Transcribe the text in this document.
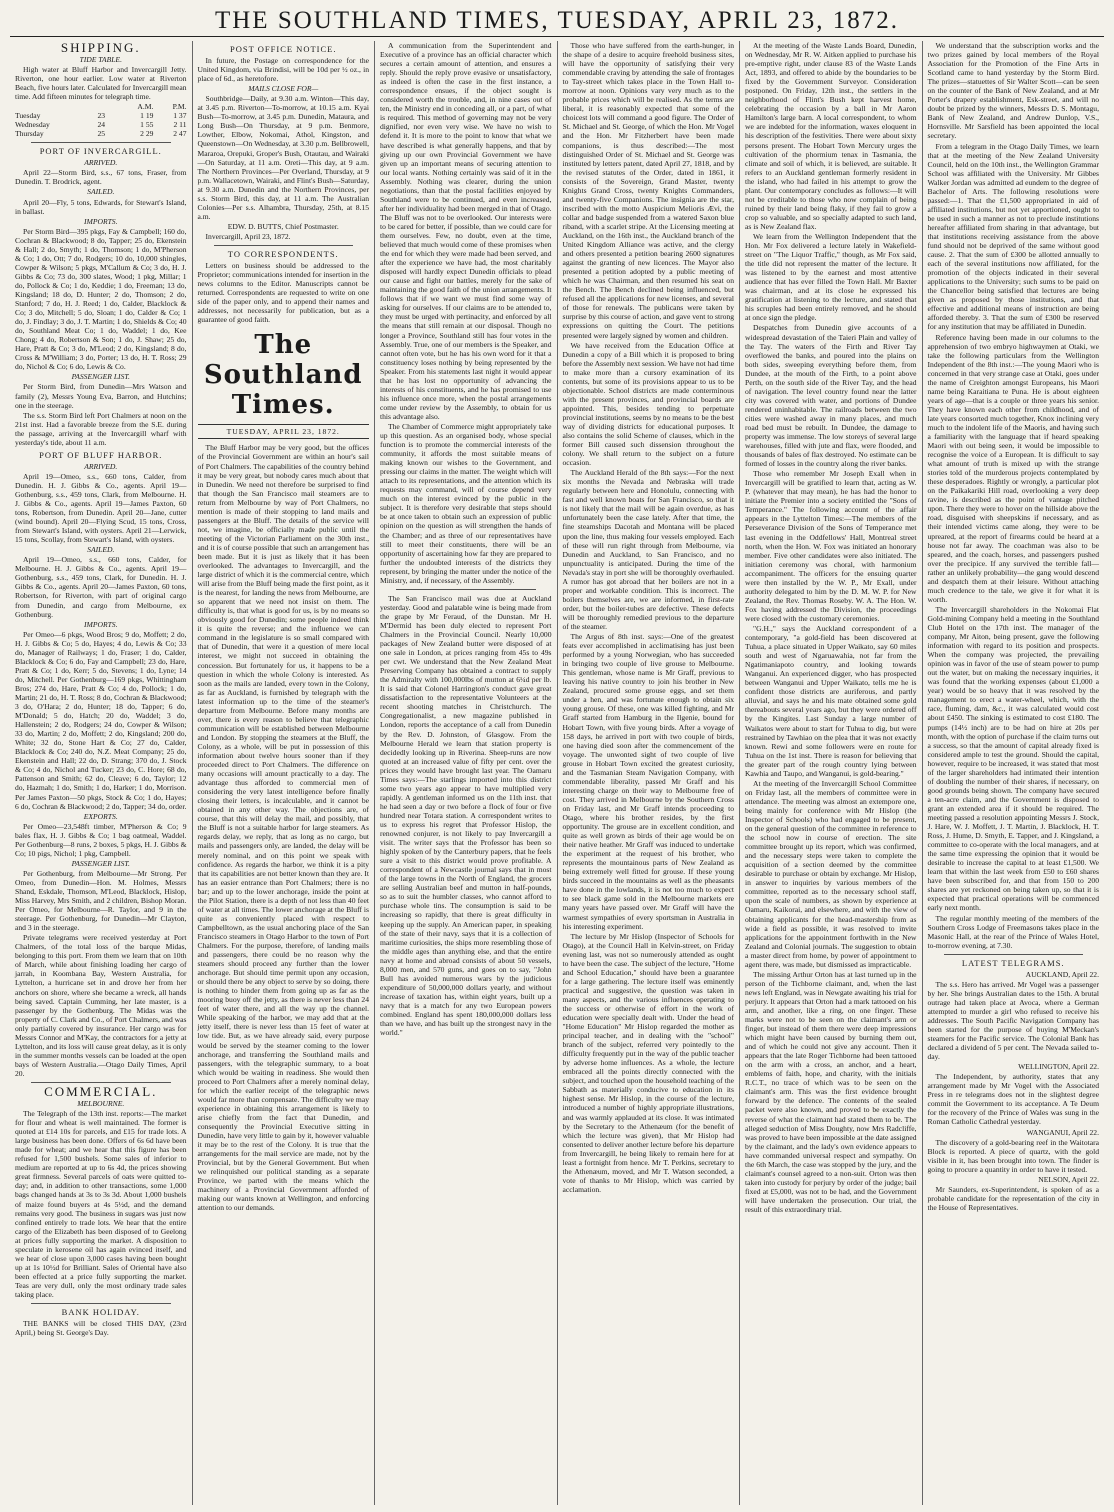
THE SOUTHLAND TIMES, TUESDAY, APRIL 23, 1872.
SHIPPING.
TIDE TABLE.

High water at Bluff Harbor and Invercargill Jetty. Riverton, one hour earlier. Low water at Riverton Beach, five hours later. Calculated for Invercargill mean time. Add fifteen minutes for telegraph time.

		A.M.	P.M.
Tuesday	23	1 19	1 37
Wednesday	24	1 55	2 11
Thursday	25	2 29	2 47
PORT OF INVERCARGILL.
ARRIVED.

April 22—Storm Bird, s.s., 67 tons, Fraser, from Dunedin. T. Brodrick, agent.

SAILED.

April 20—Fly, 5 tons, Edwards, for Stewart's Island, in ballast.

IMPORTS.

Per Storm Bird—395 pkgs, Fay & Campbell; 160 do, Cochran & Blackwood; 8 do, Tapper; 25 do, Ekenstein & Hall; 2 do, Smyth; 1 do, Thomson; 1 do, M'Pherson & Co; 1 do, Ott; 7 do, Rodgers; 10 do, 10,000 shingles, Cowper & Wilson; 5 pkgs, M'Callum & Co; 3 do, H. J. Gibbs & Co; 73 do, 300 slates, Wood; 1 pkg, Millar; 1 do, Pollock & Co; 1 do, Keddie; 1 do, Freeman; 13 do, Kingsland; 18 do, D. Hunter; 2 do, Thomson; 2 do, Stanford; 7 do, H. J. Reed; 1 do, Calder, Blacklock & Co; 3 do, Mitchell; 5 do, Sloan; 1 do, Calder & Co; 1 do, J. Findlay; 3 do, J. T. Martin; 1 do, Shields & Co; 40 do, Southland Meat Co; 1 do, Waddel; 1 do, Kee Chong; 4 do, Robertson & Son; 1 do, J. Shaw; 25 do, Hare, Pratt & Co; 3 do, M'Leod; 2 do, Kingsland; 8 do, Cross & M'William; 3 do, Porter; 13 do, H. T. Ross; 29 do, Nichol & Co; 6 do, Lewis & Co.

PASSENGER LIST.

Per Storm Bird, from Dunedin—Mrs Watson and family (2), Messrs Young Eva, Barron, and Hutchins; one in the steerage.

The s.s. Storm Bird left Port Chalmers at noon on the 21st inst. Had a favorable breeze from the S.E. during the passage, arriving at the Invercargill wharf with yesterday's tide, about 11 a.m.

PORT OF BLUFF HARBOR.
ARRIVED.

April 19—Omeo, s.s., 660 tons, Calder, from Dunedin. H. J. Gibbs & Co., agents. April 19—Gothenburg, s.s., 459 tons, Clark, from Melbourne. H. J. Gibbs & Co., agents. April 19—James Paxton, 60 tons, Robertson, from Dunedin. April 20—Jane, cutter (wind bound). April 20—Flying Scud, 15 tons, Cross, from Stewart's Island, with oysters. April 21—Lerwick, 15 tons, Scollay, from Stewart's Island, with oysters.

SAILED.

April 19—Omeo, s.s., 660 tons, Calder, for Melbourne. H. J. Gibbs & Co., agents. April 19—Gothenburg, s.s., 459 tons, Clark, for Dunedin. H. J. Gibbs & Co., agents. April 20—James Paxton, 60 tons, Robertson, for Riverton, with part of original cargo from Dunedin, and cargo from Melbourne, ex Gothenburg.

IMPORTS.

Per Omeo—6 pkgs, Wood Bros; 9 do, Moffett; 2 do, H. J. Gibbs & Co; 5 do, Hayes; 4 do, Lewis & Co; 33 do, Manager of Railways; 1 do, Fraser; 1 do, Calder, Blacklock & Co; 6 do, Fay and Campbell; 23 do, Hare, Pratt & Co; 1 do, Kerr; 5 do, Stevens; 1 do, Lyne; 14 do, Mitchell. Per Gothenburg—169 pkgs, Whittingham Bros; 274 do, Hare, Pratt & Co; 4 do, Pollock; 1 do, Martin; 21 do, H. T. Ross; 8 do, Cochran & Blackwood; 3 do, O'Hara; 2 do, Hunter; 18 do, Tapper; 6 do, M'Donald; 5 do, Hatch; 20 do, Waddel; 3 do, Hallenstein; 2 do, Rodgers; 24 do, Cowper & Wilson; 33 do, Martin; 2 do, Moffett; 2 do, Kingsland; 200 do, White; 32 do, Stone Hart & Co; 27 do, Calder, Blacklock & Co; 240 do, N.Z. Meat Company; 25 do, Ekenstein and Hall; 22 do, D. Strang; 370 do, J. Stock & Co; 4 do, Nichol and Tucker; 23 do, C. Hore; 68 do, Pattenson and Smith; 62 do, Cleave; 6 do, Taylor; 12 do, Hazmah; 1 do, Smith; 1 do, Harker; 1 do, Morrison. Per James Paxton—50 pkgs, Stock & Co; 1 do, Hayes; 6 do, Cochran & Blackwood; 2 do, Tapper; 34 do, order.

EXPORTS.

Per Omeo—23,548ft timber, M'Pherson & Co; 9 bales flax, H. J. Gibbs & Co; 1 bag oatmeal, Waddel. Per Gothenburg—8 runs, 2 boxes, 5 pkgs, H. J. Gibbs & Co; 10 pigs, Nichol; 1 pkg, Campbell.

PASSENGER LIST.

Per Gothenburg, from Melbourne—Mr Strong. Per Omeo, from Dunedin—Hon. M. Holmes, Messrs Shand, Eskdale, Thomson, M'Leod, Blacklock, Hislop, Miss Harvey, Mrs Smith, and 2 children, Bishop Moran. Per Omeo, for Melbourne—R. Taylor, and 9 in the steerage. Per Gothenburg, for Dunedin—Mr Clayton, and 3 in the steerage.

Private telegrams were received yesterday at Port Chalmers, of the total loss of the barque Midas, belonging to this port. From them we learn that on 10th of March, while about finishing loading her cargo of jarrah, in Koombana Bay, Western Australia, for Lyttelton, a hurricane set in and drove her from her anchors on shore, where she became a wreck, all hands being saved. Captain Cumming, her late master, is a passenger by the Gothenburg. The Midas was the property of C. Clark and Co., of Port Chalmers, and was only partially covered by insurance. Her cargo was for Messrs Connor and M'Kay, the contractors for a jetty at Lyttelton, and its loss will cause great delay, as it is only in the summer months vessels can be loaded at the open bays of Western Australia.—Otago Daily Times, April 20.

COMMERCIAL.
MELBOURNE.

The Telegraph of the 13th inst. reports:—The market for flour and wheat is well maintained. The former is quoted at £14 10s for parcels, and £15 for trade lots. A large business has been done. Offers of 6s 6d have been made for wheat; and we hear that this figure has been refused for 1,500 bushels. Some sales of inferior to medium are reported at up to 6s 4d, the prices showing great firmness. Several parcels of oats were quitted to-day; and, in addition to other transactions, some 1,000 bags changed hands at 3s to 3s 3d. About 1,000 bushels of maize found buyers at 4s 5½d, and the demand remains very good. The business in sugars was just now confined entirely to trade lots. We hear that the entire cargo of the Elizabeth has been disposed of to Geelong at prices fully supporting the market. A disposition to speculate in kerosene oil has again evinced itself, and we hear of close upon 3,000 cases having been bought up at 1s 10½d for Brilliant. Sales of Oriental have also been effected at a price fully supporting the market. Teas are very dull, only the most ordinary trade sales taking place.

BANK HOLIDAY.

THE BANKS will be closed THIS DAY, (23rd April,) being St. George's Day.

POST OFFICE NOTICE.

In future, the Postage on correspondence for the United Kingdom, via Brindisi, will be 10d per ½ oz., in place of 6d., as heretofore.

MAILS CLOSE FOR—

Southbridge—Daily, at 9.30 a.m. Winton—This day, at 3.45 p.m. Riverton—To-morrow, at 10.15 a.m. Kyai Bush—To-morrow, at 3.45 p.m. Dunedin, Mataura, and Long Bush—On Thursday, at 9 p.m. Benmore, Lowther, Elbow, Nokomai, Athol, Kingston, and Queenstown—On Wednesday, at 3.30 p.m. Bellbrowell, Mararoa, Orepuki, Groper's Bush, Otautau, and Wairaki—On Saturday, at 11 a.m. Oreti—This day, at 9 a.m. The Northern Provinces—Per Overland, Thursday, at 9 p.m. Wallacetown, Wairaki, and Flint's Bush—Saturday, at 9.30 a.m. Dunedin and the Northern Provinces, per s.s. Storm Bird, this day, at 11 a.m. The Australian Colonies—Per s.s. Alhambra, Thursday, 25th, at 8.15 a.m.

EDW. D. BUTTS, Chief Postmaster.

Invercargill, April 23, 1872.

TO CORRESPONDENTS.

Letters on business should be addressed to the Proprietor; communications intended for insertion in the news columns to the Editor. Manuscripts cannot be returned. Correspondents are requested to write on one side of the paper only, and to append their names and addresses, not necessarily for publication, but as a guarantee of good faith.

The Southland Times.
TUESDAY, APRIL 23, 1872.

The Bluff Harbor may be very good, but the offices of the Provincial Government are within an hour's sail of Port Chalmers. The capabilities of the country behind it may be very great, but nobody cares much about that in Dunedin. We need not therefore be surprised to find that though the San Francisco mail steamers are to return from Melbourne by way of Port Chalmers, no mention is made of their stopping to land mails and passengers at the Bluff. The details of the service will not, we imagine, be officially made public until the meeting of the Victorian Parliament on the 30th inst., and it is of course possible that such an arrangement has been made. But it is just as likely that it has been overlooked. The advantages to Invercargill, and the large district of which it is the commercial centre, which will arise from the Bluff being made the first point, as it is the nearest, for landing the news from Melbourne, are so apparent that we need not insist on them. The difficulty is, that what is good for us, is by no means so obviously good for Dunedin; some people indeed think it is quite the reverse; and the influence we can command in the legislature is so small compared with that of Dunedin, that were it a question of mere local interest, we might not succeed in obtaining the concession. But fortunately for us, it happens to be a question in which the whole Colony is interested. As soon as the mails are landed, every town in the Colony, as far as Auckland, is furnished by telegraph with the latest information up to the time of the steamer's departure from Melbourne. Before many months are over, there is every reason to believe that telegraphic communication will be established between Melbourne and London. By stopping the steamers at the Bluff, the Colony, as a whole, will be put in possession of this information about twelve hours sooner than if they proceeded direct to Port Chalmers. The difference on many occasions will amount practically to a day. The advantage thus afforded to commercial men of considering the very latest intelligence before finally closing their letters, is incalculable, and it cannot be obtained in any other way. The objections are, of course, that this will delay the mail, and possibly, that the Bluff is not a suitable harbor for large steamers. As regards delay, we reply, that as long as no cargo, but mails and passengers only, are landed, the delay will be merely nominal, and on this point we speak with confidence. As regards the harbor, we think it is a pity that its capabilities are not better known than they are. It has an easier entrance than Port Chalmers; there is no bar; and up to the lower anchorage, inside the point at the Pilot Station, there is a depth of not less than 40 feet of water at all times. The lower anchorage at the Bluff is quite as conveniently placed with respect to Campbelltown, as the usual anchoring place of the San Francisco steamers in Otago Harbor to the town of Port Chalmers. For the purpose, therefore, of landing mails and passengers, there could be no reason why the steamers should proceed any further than the lower anchorage. But should time permit upon any occasion, or should there be any object to serve by so doing, there is nothing to hinder them from going up as far as the mooring buoy off the jetty, as there is never less than 24 feet of water there, and all the way up the channel. While speaking of the harbor, we may add that at the jetty itself, there is never less than 15 feet of water at low tide. But, as we have already said, every purpose would be served by the steamer coming to the lower anchorage, and transferring the Southland mails and passengers, with the telegraphic summary, to a boat which would be waiting in readiness. She would then proceed to Port Chalmers after a merely nominal delay, for which the earlier receipt of the telegraphic news would far more than compensate. The difficulty we may experience in obtaining this arrangement is likely to arise chiefly from the fact that Dunedin, and consequently the Provincial Executive sitting in Dunedin, have very little to gain by it, however valuable it may be to the rest of the Colony. It is true that the arrangements for the mail service are made, not by the Provincial, but by the General Government. But when we relinquished our political standing as a separate Province, we parted with the means which the machinery of a Provincial Government afforded of making our wants known at Wellington, and enforcing attention to our demands.

A communication from the Superintendent and Executive of a province has an official character which secures a certain amount of attention, and ensures a reply. Should the reply prove evasive or unsatisfactory, as indeed is often the case in the first instance, a correspondence ensues, if the object sought is considered worth the trouble, and, in nine cases out of ten, the Ministry end in conceding all, or a part, of what is required. This method of governing may not be very dignified, nor even very wise. We have no wish to defend it. It is more to the point to know that what we have described is what generally happens, and that by giving up our own Provincial Government we have given up an important means of securing attention to our local wants. Nothing certainly was said of it in the Assembly. Nothing was clearer, during the union negotiations, than that the postal facilities enjoyed by Southland were to be continued, and even increased, after her individuality had been merged in that of Otago. The Bluff was not to be overlooked. Our interests were to be cared for better, if possible, than we could care for them ourselves. Few, no doubt, even at the time, believed that much would come of these promises when the end for which they were made had been served, and after the experience we have had, the most charitably disposed will hardly expect Dunedin officials to plead our cause and fight our battles, merely for the sake of maintaining the good faith of the union arrangements. It follows that if we want we must find some way of asking for ourselves. If our claims are to be attended to, they must be urged with pertinacity, and enforced by all the means that still remain at our disposal. Though no longer a Province, Southland still has four votes in the Assembly. True, one of our members is the Speaker, and cannot often vote, but he has his own word for it that a constituency loses nothing by being represented by the Speaker. From his statements last night it would appear that he has lost no opportunity of advancing the interests of his constituents, and he has promised to use his influence once more, when the postal arrangements come under review by the Assembly, to obtain for us this advantage also.

The Chamber of Commerce might appropriately take up this question. As an organised body, whose special function is to promote the commercial interests of the community, it affords the most suitable means of making known our wishes to the Government, and pressing our claims in the matter. The weight which will attach to its representations, and the attention which its requests may command, will of course depend very much on the interest evinced by the public in the subject. It is therefore very desirable that steps should be at once taken to obtain such an expression of public opinion on the question as will strengthen the hands of the Chamber; and as three of our representatives have still to meet their constituents, there will be an opportunity of ascertaining how far they are prepared to further the undoubted interests of the districts they represent, by bringing the matter under the notice of the Ministry, and, if necessary, of the Assembly.

The San Francisco mail was due at Auckland yesterday. Good and palatable wine is being made from the grape by Mr Feraud, of the Dunstan. Mr H. M'Dermid has been duly elected to represent Port Chalmers in the Provincial Council. Nearly 10,000 packages of New Zealand butter were disposed of at one sale in London, at prices ranging from 45s to 49s per cwt. We understand that the New Zealand Meat Preserving Company has obtained a contract to supply the Admiralty with 100,000lbs of mutton at 6¼d per lb. It is said that Colonel Harrington's conduct gave great dissatisfaction to the representative Volunteers at the recent shooting matches in Christchurch. The Congregationalist, a new magazine published in London, reports the acceptance of a call from Dunedin by the Rev. D. Johnston, of Glasgow. From the Melbourne Herald we learn that station property is decidedly looking up in Riverina. Sheep-runs are now quoted at an increased value of fifty per cent. over the prices they would have brought last year. The Oamaru Times says:—The starlings imported into this district some two years ago appear to have multiplied very rapidly. A gentleman informed us on the 11th inst. that he had seen a day or two before a flock of four or five hundred near Totara station. A correspondent writes to us to express his regret that Professor Hislop, the renowned conjurer, is not likely to pay Invercargill a visit. The writer says that the Professor has been so highly spoken of by the Canterbury papers, that he feels sure a visit to this district would prove profitable. A correspondent of a Newcastle journal says that in most of the large towns in the North of England, the grocers are selling Australian beef and mutton in half-pounds, so as to suit the humbler classes, who cannot afford to purchase whole tins. The consumption is said to be increasing so rapidly, that there is great difficulty in keeping up the supply. An American paper, in speaking of the state of their navy, says that it is a collection of maritime curiosities, the ships more resembling those of the middle ages than anything else, and that the entire navy at home and abroad consists of about 50 vessels, 8,000 men, and 570 guns, and goes on to say, "John Bull has avoided numerous wars by the judicious expenditure of 50,000,000 dollars yearly, and without increase of taxation has, within eight years, built up a navy that is a match for any two European powers combined. England has spent 180,000,000 dollars less than we have, and has built up the strongest navy in the world."

Those who have suffered from the earth-hunger, in the shape of a desire to acquire freehold business sites, will have the opportunity of satisfying their very commendable craving by attending the sale of frontages to Tay-street which takes place in the Town Hall to-morrow at noon. Opinions vary very much as to the probable prices which will be realised. As the terms are liberal, it is reasonably expected that some of the choicest lots will command a good figure. The Order of St. Michael and St. George, of which the Hon. Mr Vogel and the Hon. Mr Fitzherbert have been made companions, is thus described:—The most distinguished Order of St. Michael and St. George was instituted by letters patent, dated April 27, 1818, and by the revised statutes of the Order, dated in 1861, it consists of the Sovereign, Grand Master, twenty Knights Grand Cross, twenty Knights Commanders, and twenty-five Companions. The insignia are the star, inscribed with the motto Auspicium Melioris Ævi, the collar and badge suspended from a watered Saxon blue riband, with a scarlet stripe. At the Licensing meeting at Auckland, on the 16th inst., the Auckland branch of the United Kingdom Alliance was active, and the clergy and others presented a petition bearing 2600 signatures against the granting of new licences. The Mayor also presented a petition adopted by a public meeting of which he was Chairman, and then resumed his seat on the Bench. The Bench declined being influenced, but refused all the applications for new licenses, and several of those for renewals. The publicans were taken by surprise by this course of action, and gave vent to strong expressions on quitting the Court. The petitions presented were largely signed by women and children.

We have received from the Education Office at Dunedin a copy of a Bill which it is proposed to bring before the Assembly next session. We have not had time to make more than a cursory examination of its contents, but some of its provisions appear to us to be objectionable. School districts are made conterminous with the present provinces, and provincial boards are appointed. This, besides tending to perpetuate provincial institutions, seems by no means to be the best way of dividing districts for educational purposes. It also contains the solid Scheme of clauses, which in the former Bill caused such dissension throughout the colony. We shall return to the subject on a future occasion.

The Auckland Herald of the 8th says:—For the next six months the Nevada and Nebraska will trade regularly between here and Honolulu, connecting with fast and well known boats for San Francisco, so that it is not likely that the mail will be again overdue, as has unfortunately been the case lately. After that time, the fine steamships Dacotah and Montana will be placed upon the line, thus making four vessels employed. Each of these will run right through from Melbourne, via Dunedin and Auckland, to San Francisco, and no unpunctuality is anticipated. During the time of the Nevada's stay in port she will be thoroughly overhauled. A rumor has got abroad that her boilers are not in a proper and workable condition. This is incorrect. The boilers themselves are, we are informed, in first-rate order, but the boiler-tubes are defective. These defects will be thoroughly remedied previous to the departure of the steamer.

The Argus of 8th inst. says:—One of the greatest feats ever accomplished in acclimatising has just been performed by a young Norwegian, who has succeeded in bringing two couple of live grouse to Melbourne. This gentleman, whose name is Mr Graff, previous to leaving his native country to join his brother in New Zealand, procured some grouse eggs, and set them under a hen, and was fortunate enough to obtain six young grouse. Of these, one was killed fighting, and Mr Graff started from Hamburg in the Ilgenie, bound for Hobart Town, with five young birds. After a voyage of 158 days, he arrived in port with two couple of birds, one having died soon after the commencement of the voyage. The unwonted sight of two couple of live grouse in Hobart Town excited the greatest curiosity, and the Tasmanian Steam Navigation Company, with commendable liberality, passed Mr Graff and his interesting charge on their way to Melbourne free of cost. They arrived in Melbourne by the Southern Cross on Friday last, and Mr Graff intends proceeding to Otago, where his brother resides, by the first opportunity. The grouse are in excellent condition, and quite as well grown as birds of their age would be on their native heather. Mr Graff was induced to undertake the experiment at the request of his brother, who represents the mountainous parts of New Zealand as being extremely well fitted for grouse. If these young birds succeed in the mountains as well as the pheasants have done in the lowlands, it is not too much to expect to see black game sold in the Melbourne markets ere many years have passed over. Mr Graff will have the warmest sympathies of every sportsman in Australia in his interesting experiment.

The lecture by Mr Hislop (Inspector of Schools for Otago), at the Council Hall in Kelvin-street, on Friday evening last, was not so numerously attended as ought to have been the case. The subject of the lecture, "Home and School Education," should have been a guarantee for a large gathering. The lecture itself was eminently practical and suggestive, the question was taken in many aspects, and the various influences operating to the success or otherwise of effort in the work of education were specially dealt with. Under the head of "Home Education" Mr Hislop regarded the mother as principal teacher, and in dealing with the "school" branch of the subject, referred very pointedly to the difficulty frequently put in the way of the public teacher by adverse home influences. As a whole, the lecture embraced all the points directly connected with the subject, and touched upon the household teaching of the Sabbath as materially conducive to education in its highest sense. Mr Hislop, in the course of the lecture, introduced a number of highly appropriate illustrations, and was warmly applauded at its close. It was intimated by the Secretary to the Athenæum (for the benefit of which the lecture was given), that Mr Hislop had consented to deliver another lecture before his departure from Invercargill, he being likely to remain here for at least a fortnight from hence. Mr T. Perkins, secretary to the Athenæum, moved, and Mr T. Watson seconded, a vote of thanks to Mr Hislop, which was carried by acclamation.

At the meeting of the Waste Lands Board, Dunedin, on Wednesday, Mr R. W. Aitken applied to purchase his pre-emptive right, under clause 83 of the Waste Lands Act, 1893, and offered to abide by the boundaries to be fixed by the Government Surveyor. Consideration postponed. On Friday, 12th inst., the settlers in the neighborhood of Flint's Bush kept harvest home, celebrating the occasion by a ball in Mr Aaron Hamilton's large barn. A local correspondent, to whom we are indebted for the information, waxes eloquent in his description of the festivities. There were about sixty persons present. The Hobart Town Mercury urges the cultivation of the phormium tenax in Tasmania, the climate and soil of which, it is believed, are suitable. It refers to an Auckland gentleman formerly resident in the island, who had failed in his attempt to grow the plant. Our contemporary concludes as follows:—It will not be creditable to those who now complain of being ruined by their land being flaky, if they fail to grow a crop so valuable, and so specially adapted to such land, as is New Zealand flax.

We learn from the Wellington Independent that the Hon. Mr Fox delivered a lecture lately in Wakefield-street on "The Liquor Traffic," though, as Mr Fox said, the title did not represent the matter of the lecture. It was listened to by the earnest and most attentive audience that has ever filled the Town Hall. Mr Baxter was chairman, and at its close he expressed his gratification at listening to the lecture, and stated that his scruples had been entirely removed, and he should at once sign the pledge.

Despatches from Dunedin give accounts of a widespread devastation of the Taieri Plain and valley of the Tay. The waters of the Firth and River Tay overflowed the banks, and poured into the plains on both sides, sweeping everything before them, from Dundee, at the mouth of the Firth, to a point above Perth, on the south side of the River Tay, and the head of navigation. The level country found near the latter city was covered with water, and portions of Dundee rendered uninhabitable. The railroads between the two cities were washed away in many places, and much road bed must be rebuilt. In Dundee, the damage to property was immense. The low storeys of several large warehouses, filled with jute and flax, were flooded, and thousands of bales of flax destroyed. No estimate can be formed of losses in the country along the river banks.

Those who remember Mr Joseph Exall when in Invercargill will be gratified to learn that, acting as W. P. (whatever that may mean), he has had the honor to initiate the Premier into a society entitled the "Sons of Temperance." The following account of the affair appears in the Lyttelton Times:—The members of the Perseverance Division of the Sons of Temperance met last evening in the Oddfellows' Hall, Montreal street north, when the Hon. W. Fox was initiated an honorary member. Five other candidates were also initiated. The initiation ceremony was choral, with harmonium accompaniment. The officers for the ensuing quarter were then installed by the W. P., Mr Exall, under authority delegated to him by the D. M. W. P. for New Zealand, the Rev. Thomas Roseby. W. A. The Hon. W. Fox having addressed the Division, the proceedings were closed with the customary ceremonies.

"G.H.," says the Auckland correspondent of a contemporary, "a gold-field has been discovered at Tuhua, a place situated in Upper Waikato, say 60 miles south and west of Ngaruawahia, not far from the Ngatimaniapoto country, and looking towards Wanganui. An experienced digger, who has prospected between Wanganui and Upper Waikato, tells me he is confident those districts are auriferous, and partly alluvial, and says he and his mate obtained some gold thereabouts several years ago, but they were ordered off by the Kingites. Last Sunday a large number of Waikatos were about to start for Tuhua to dig, but were restrained by Tawhiao on the plea that it was not exactly known. Rewi and some followers were en route for Tuhua on the 1st inst. There is reason for believing that the greater part of the rough country lying between Kawhia and Taupo, and Wanganui, is gold-bearing."

At the meeting of the Invercargill School Committee on Friday last, all the members of committee were in attendance. The meeting was almost an extempore one, being mainly for conference with Mr Hislop (the Inspector of Schools) who had engaged to be present, on the general question of the committee in reference to the school now in course of erection. The site committee brought up its report, which was confirmed, and the necessary steps were taken to complete the acquisition of a section deemed by the committee desirable to purchase or obtain by exchange. Mr Hislop, in answer to inquiries by various members of the committee, reported as to the necessary school staff, upon the scale of numbers, as shown by experience at Oamaru, Kaikorai, and elsewhere, and with the view of obtaining applicants for the head-mastership from as wide a field as possible, it was resolved to invite applications for the appointment forthwith in the New Zealand and Colonial journals. The suggestion to obtain a master direct from home, by power of appointment to agent there, was made, but dismissed as impracticable.

The missing Arthur Orton has at last turned up in the person of the Tichborne claimant, and, when the last news left England, was in Newgate awaiting his trial for perjury. It appears that Orton had a mark tattooed on his arm, and another, like a ring, on one finger. These marks were not to be seen on the claimant's arm or finger, but instead of them there were deep impressions which might have been caused by burning them out, and of which he could not give any account. Then it appears that the late Roger Tichborne had been tattooed on the arm with a cross, an anchor, and a heart, emblems of faith, hope, and charity, with the initials R.C.T., no trace of which was to be seen on the claimant's arm. This was the first evidence brought forward by the defence. The contents of the sealed packet were also known, and proved to be exactly the reverse of what the claimant had stated them to be. The alleged seduction of Miss Doughty, now Mrs Radcliffe, was proved to have been impossible at the date assigned by the claimant, and the lady's own evidence appears to have commanded universal respect and sympathy. On the 6th March, the case was stopped by the jury, and the claimant's counsel agreed to a non-suit. Orton was then taken into custody for perjury by order of the judge; bail fixed at £5,000, was not to be had, and the Government will have undertaken the prosecution. Our trial, the result of this extraordinary trial.

We understand that the subscription works and the two prizes gained by local members of the Royal Association for the Promotion of the Fine Arts in Scotland came to hand yesterday by the Storm Bird. The prizes—statuettes of Sir Walter Scott—can be seen on the counter of the Bank of New Zealand, and at Mr Porter's drapery establishment, Esk-street, and will no doubt be prized by the winners, Messrs D. S. Montagu, Bank of New Zealand, and Andrew Dunlop, V.S., Hornsville. Mr Sarsfield has been appointed the local secretary.

From a telegram in the Otago Daily Times, we learn that at the meeting of the New Zealand University Council, held on the 10th inst., the Wellington Grammar School was affiliated with the University. Mr Gibbes Walker Jordan was admitted ad eundem to the degree of Bachelor of Arts. The following resolutions were passed:—1. That the £1,500 appropriated in aid of affiliated institutions, but not yet apportioned, ought to be used in such a manner as not to preclude institutions hereafter affiliated from sharing in that advantage, but that institutions receiving assistance from the above fund should not be deprived of the same without good cause. 2. That the sum of £300 be allotted annually to each of the several institutions now affiliated, for the promotion of the objects indicated in their several applications to the University; such sums to be paid on the Chancellor being satisfied that lectures are being given as proposed by those institutions, and that effective and additional means of instruction are being afforded thereby. 3. That the sum of £300 be reserved for any institution that may be affiliated in Dunedin.

Reference having been made in our columns to the apprehension of two embryo highwaymen at Otaki, we take the following particulars from the Wellington Independent of the 8th inst.:—The young Maori who is concerned in that very strange case at Otaki, goes under the name of Creighton amongst Europeans, his Maori name being Karaitiana te Puna. He is about eighteen years of age—that is a couple or three years his senior. They have known each other from childhood, and of late years consorted much together, Knox inclining very much to the indolent life of the Maoris, and having such a familiarity with the language that if heard speaking Maori with out being seen, it would be impossible to recognise the voice of a European. It is difficult to say what amount of truth is mixed up with the strange stories told of the murderous projects contemplated by these desperadoes. Rightly or wrongly, a particular plot on the Paikakariki Hill road, overlooking a very deep ravine, is described as the point of vantage pitched upon. There they were to hover on the hillside above the road, disguised with sheepskins if necessary, and as their intended victims came along, they were to be upreared, at the report of firearms could be heard at a house not far away. The coachman was also to be speared, and the coach, horses, and passengers pushed over the precipice. If any survived the terrible fall—rather an unlikely probability—the gang would descend and despatch them at their leisure. Without attaching much credence to the tale, we give it for what it is worth.

The Invercargill shareholders in the Nokomai Flat Gold-mining Company held a meeting in the Southland Club Hotel on the 17th inst. The manager of the company, Mr Aiton, being present, gave the following information with regard to its position and prospects. When the company was projected, the prevailing opinion was in favor of the use of steam power to pump out the water, but on making the necessary inquiries, it was found that the working expenses (about £1,000 a year) would be so heavy that it was resolved by the management to erect a water-wheel, which, with the race, fluming, dam, &c., it was calculated would cost about £450. The sinking is estimated to cost £180. The pumps (14½ inch) are to be had on hire at 20s per month, with the option of purchase if the claim turns out a success, so that the amount of capital already fixed is considered ample to test the ground. Should the capital, however, require to be increased, it was stated that most of the larger shareholders had intimated their intention of doubling the number of their shares, if necessary, on good grounds being shown. The company have secured a ten-acre claim, and the Government is disposed to grant an extended area if it should be required. The meeting passed a resolution appointing Messrs J. Stock, J. Hare, W. J. Moffett, J. T. Martin, J. Blacklock, H. T. Ross, J. Hume, D. Smyth, E. Tapper, and J. Kingsland, a committee to co-operate with the local managers, and at the same time expressing the opinion that it would be desirable to increase the capital to at least £1,500. We learn that within the last week from £50 to £60 shares have been subscribed for, and that from 150 to 200 shares are yet reckoned on being taken up, so that it is expected that practical operations will be commenced early next month.

The regular monthly meeting of the members of the Southern Cross Lodge of Freemasons takes place in the Masonic Hall, at the rear of the Prince of Wales Hotel, to-morrow evening, at 7.30.

LATEST TELEGRAMS.

AUCKLAND, April 22.

The s.s. Hero has arrived. Mr Vogel was a passenger by her. She brings Australian dates to the 15th. A brutal outrage had taken place at Avoca, where a German attempted to murder a girl who refused to receive his addresses. The South Pacific Navigation Company has been started for the purpose of buying M'Meckan's steamers for the Pacific service. The Colonial Bank has declared a dividend of 5 per cent. The Nevada sailed to-day.

WELLINGTON, April 22.

The Independent, by authority, states that any arrangement made by Mr Vogel with the Associated Press in re telegrams does not in the slightest degree commit the Government to its acceptance. A Te Deum for the recovery of the Prince of Wales was sung in the Roman Catholic Cathedral yesterday.

WANGANUI, April 22.

The discovery of a gold-bearing reef in the Waitotara Block is reported. A piece of quartz, with the gold visible in it, has been brought into town. The finder is going to procure a quantity in order to have it tested.

NELSON, April 22.

Mr Saunders, ex-Superintendent, is spoken of as a probable candidate for the representation of the city in the House of Representatives.
